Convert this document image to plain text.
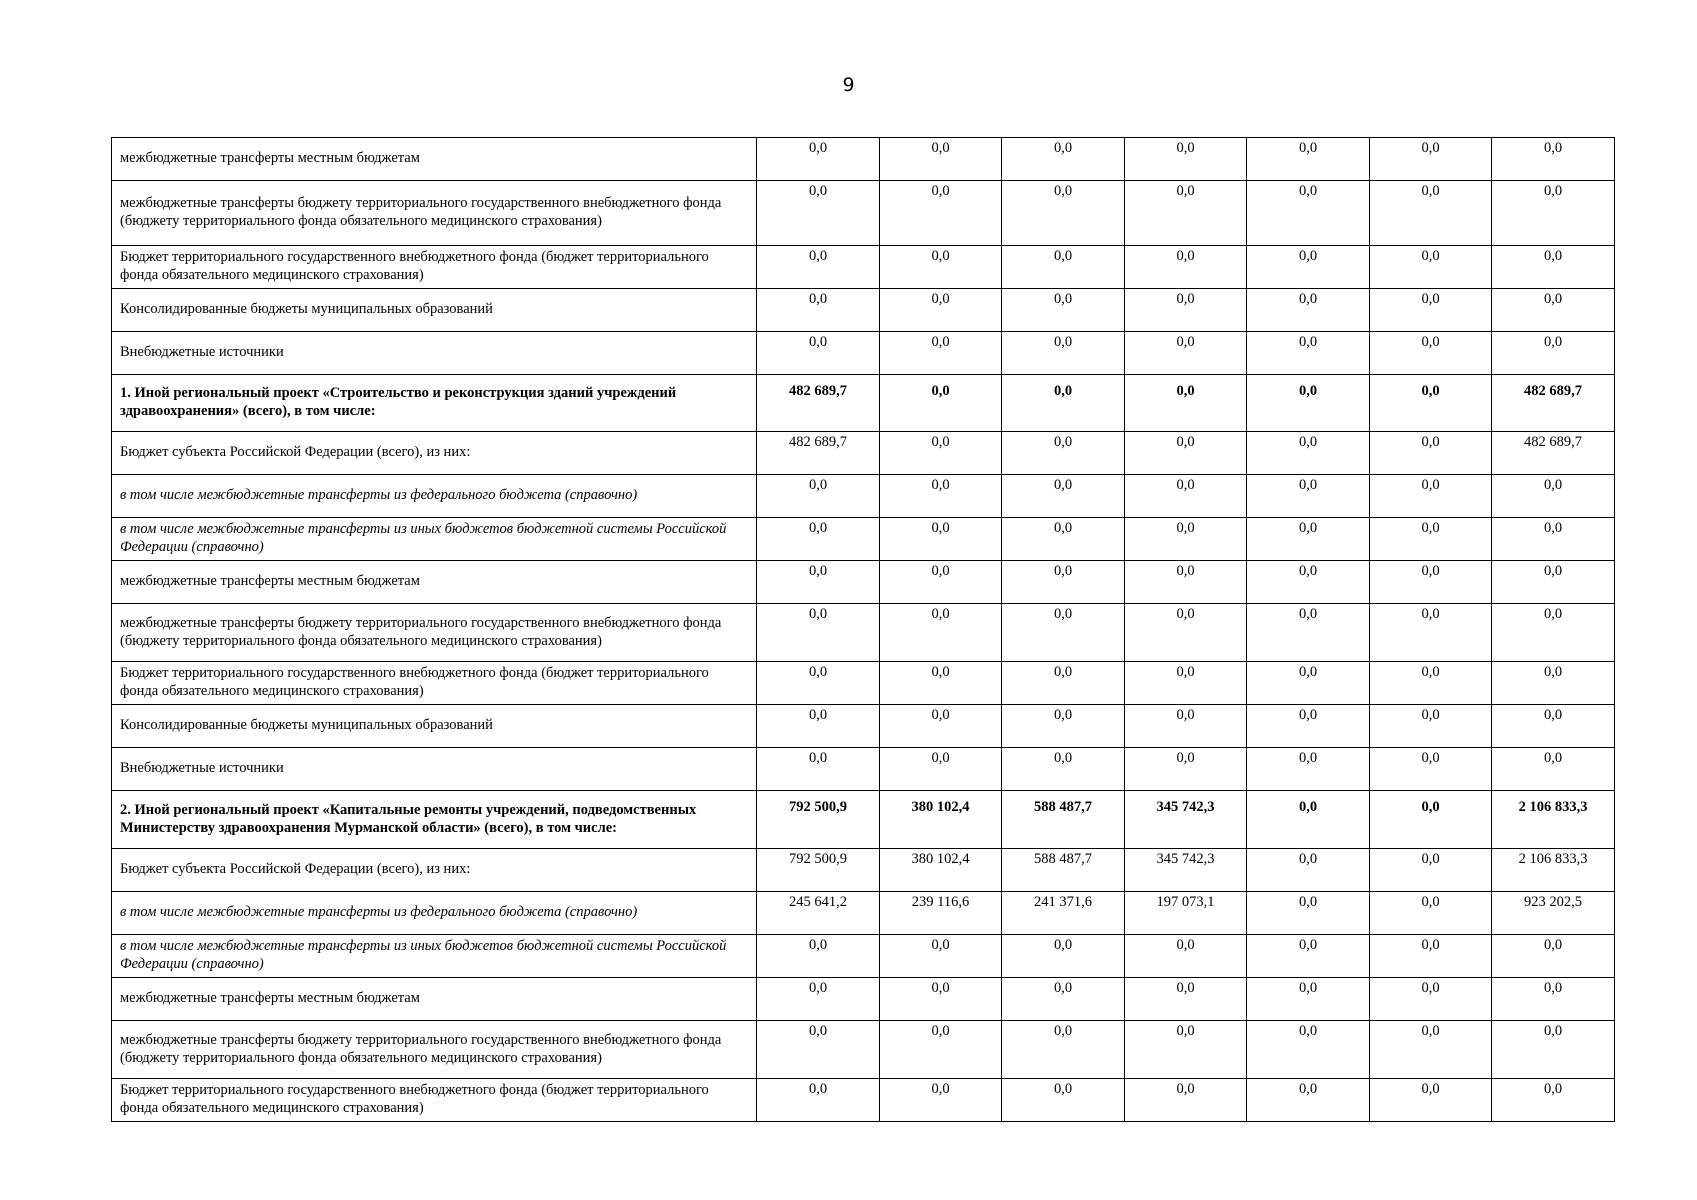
9
межбюджетные трансферты местным бюджетам	0,0	0,0	0,0	0,0	0,0	0,0	0,0

межбюджетные трансферты бюджету территориального государственного внебюджетного фонда (бюджету территориального фонда обязательного медицинского страхования)	0,0	0,0	0,0	0,0	0,0	0,0	0,0

Бюджет территориального государственного внебюджетного фонда (бюджет территориального фонда обязательного медицинского страхования)	0,0	0,0	0,0	0,0	0,0	0,0	0,0

Консолидированные бюджеты муниципальных образований	0,0	0,0	0,0	0,0	0,0	0,0	0,0

Внебюджетные источники	0,0	0,0	0,0	0,0	0,0	0,0	0,0

1. Иной региональный проект «Строительство и реконструкция зданий учреждений здравоохранения» (всего), в том числе:	482 689,7	0,0	0,0	0,0	0,0	0,0	482 689,7

Бюджет субъекта Российской Федерации (всего), из них:	482 689,7	0,0	0,0	0,0	0,0	0,0	482 689,7

в том числе межбюджетные трансферты из федерального бюджета (справочно)	0,0	0,0	0,0	0,0	0,0	0,0	0,0

в том числе межбюджетные трансферты из иных бюджетов бюджетной системы Российской Федерации (справочно)	0,0	0,0	0,0	0,0	0,0	0,0	0,0

межбюджетные трансферты местным бюджетам	0,0	0,0	0,0	0,0	0,0	0,0	0,0

межбюджетные трансферты бюджету территориального государственного внебюджетного фонда (бюджету территориального фонда обязательного медицинского страхования)	0,0	0,0	0,0	0,0	0,0	0,0	0,0

Бюджет территориального государственного внебюджетного фонда (бюджет территориального фонда обязательного медицинского страхования)	0,0	0,0	0,0	0,0	0,0	0,0	0,0

Консолидированные бюджеты муниципальных образований	0,0	0,0	0,0	0,0	0,0	0,0	0,0

Внебюджетные источники	0,0	0,0	0,0	0,0	0,0	0,0	0,0

2. Иной региональный проект «Капитальные ремонты учреждений, подведомственных Министерству здравоохранения Мурманской области» (всего), в том числе:	792 500,9	380 102,4	588 487,7	345 742,3	0,0	0,0	2 106 833,3

Бюджет субъекта Российской Федерации (всего), из них:	792 500,9	380 102,4	588 487,7	345 742,3	0,0	0,0	2 106 833,3

в том числе межбюджетные трансферты из федерального бюджета (справочно)	245 641,2	239 116,6	241 371,6	197 073,1	0,0	0,0	923 202,5

в том числе межбюджетные трансферты из иных бюджетов бюджетной системы Российской Федерации (справочно)	0,0	0,0	0,0	0,0	0,0	0,0	0,0

межбюджетные трансферты местным бюджетам	0,0	0,0	0,0	0,0	0,0	0,0	0,0

межбюджетные трансферты бюджету территориального государственного внебюджетного фонда (бюджету территориального фонда обязательного медицинского страхования)	0,0	0,0	0,0	0,0	0,0	0,0	0,0

Бюджет территориального государственного внебюджетного фонда (бюджет территориального фонда обязательного медицинского страхования)	0,0	0,0	0,0	0,0	0,0	0,0	0,0
